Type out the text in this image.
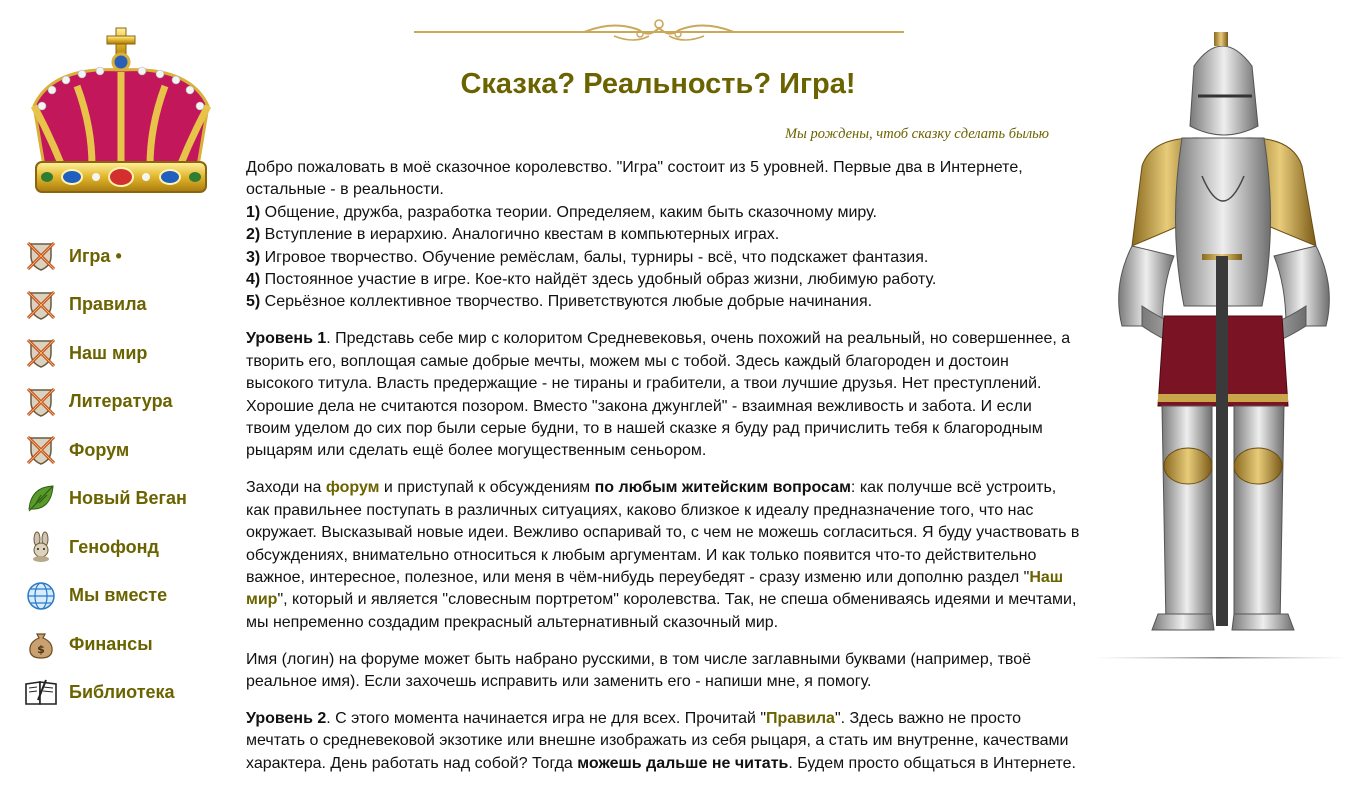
Игра •
Правила
Наш мир
Литература
Форум
Новый Веган
Генофонд
Мы вместе
$ Финансы
Библиотека
Сказка? Реальность? Игра!
Мы рождены, чтоб сказку сделать былью

Добро пожаловать в моё сказочное королевство. "Игра" состоит из 5 уровней. Первые два в Интернете, остальные - в реальности.
1) Общение, дружба, разработка теории. Определяем, каким быть сказочному миру.
2) Вступление в иерархию. Аналогично квестам в компьютерных играх.
3) Игровое творчество. Обучение ремёслам, балы, турниры - всё, что подскажет фантазия.
4) Постоянное участие в игре. Кое-кто найдёт здесь удобный образ жизни, любимую работу.
5) Серьёзное коллективное творчество. Приветствуются любые добрые начинания.

Уровень 1. Представь себе мир с колоритом Средневековья, очень похожий на реальный, но совершеннее, а творить его, воплощая самые добрые мечты, можем мы с тобой. Здесь каждый благороден и достоин высокого титула. Власть предержащие - не тираны и грабители, а твои лучшие друзья. Нет преступлений. Хорошие дела не считаются позором. Вместо "закона джунглей" - взаимная вежливость и забота. И если твоим уделом до сих пор были серые будни, то в нашей сказке я буду рад причислить тебя к благородным рыцарям или сделать ещё более могущественным сеньором.

Заходи на форум и приступай к обсуждениям по любым житейским вопросам: как получше всё устроить, как правильнее поступать в различных ситуациях, каково близкое к идеалу предназначение того, что нас окружает. Высказывай новые идеи. Вежливо оспаривай то, с чем не можешь согласиться. Я буду участвовать в обсуждениях, внимательно относиться к любым аргументам. И как только появится что-то действительно важное, интересное, полезное, или меня в чём-нибудь переубедят - сразу изменю или дополню раздел "Наш мир", который и является "словесным портретом" королевства. Так, не спеша обмениваясь идеями и мечтами, мы непременно создадим прекрасный альтернативный сказочный мир.

Имя (логин) на форуме может быть набрано русскими, в том числе заглавными буквами (например, твоё реальное имя). Если захочешь исправить или заменить его - напиши мне, я помогу.

Уровень 2. С этого момента начинается игра не для всех. Прочитай "Правила". Здесь важно не просто мечтать о средневековой экзотике или внешне изображать из себя рыцаря, а стать им внутренне, качествами характера. День работать над собой? Тогда можешь дальше не читать. Будем просто общаться в Интернете.
